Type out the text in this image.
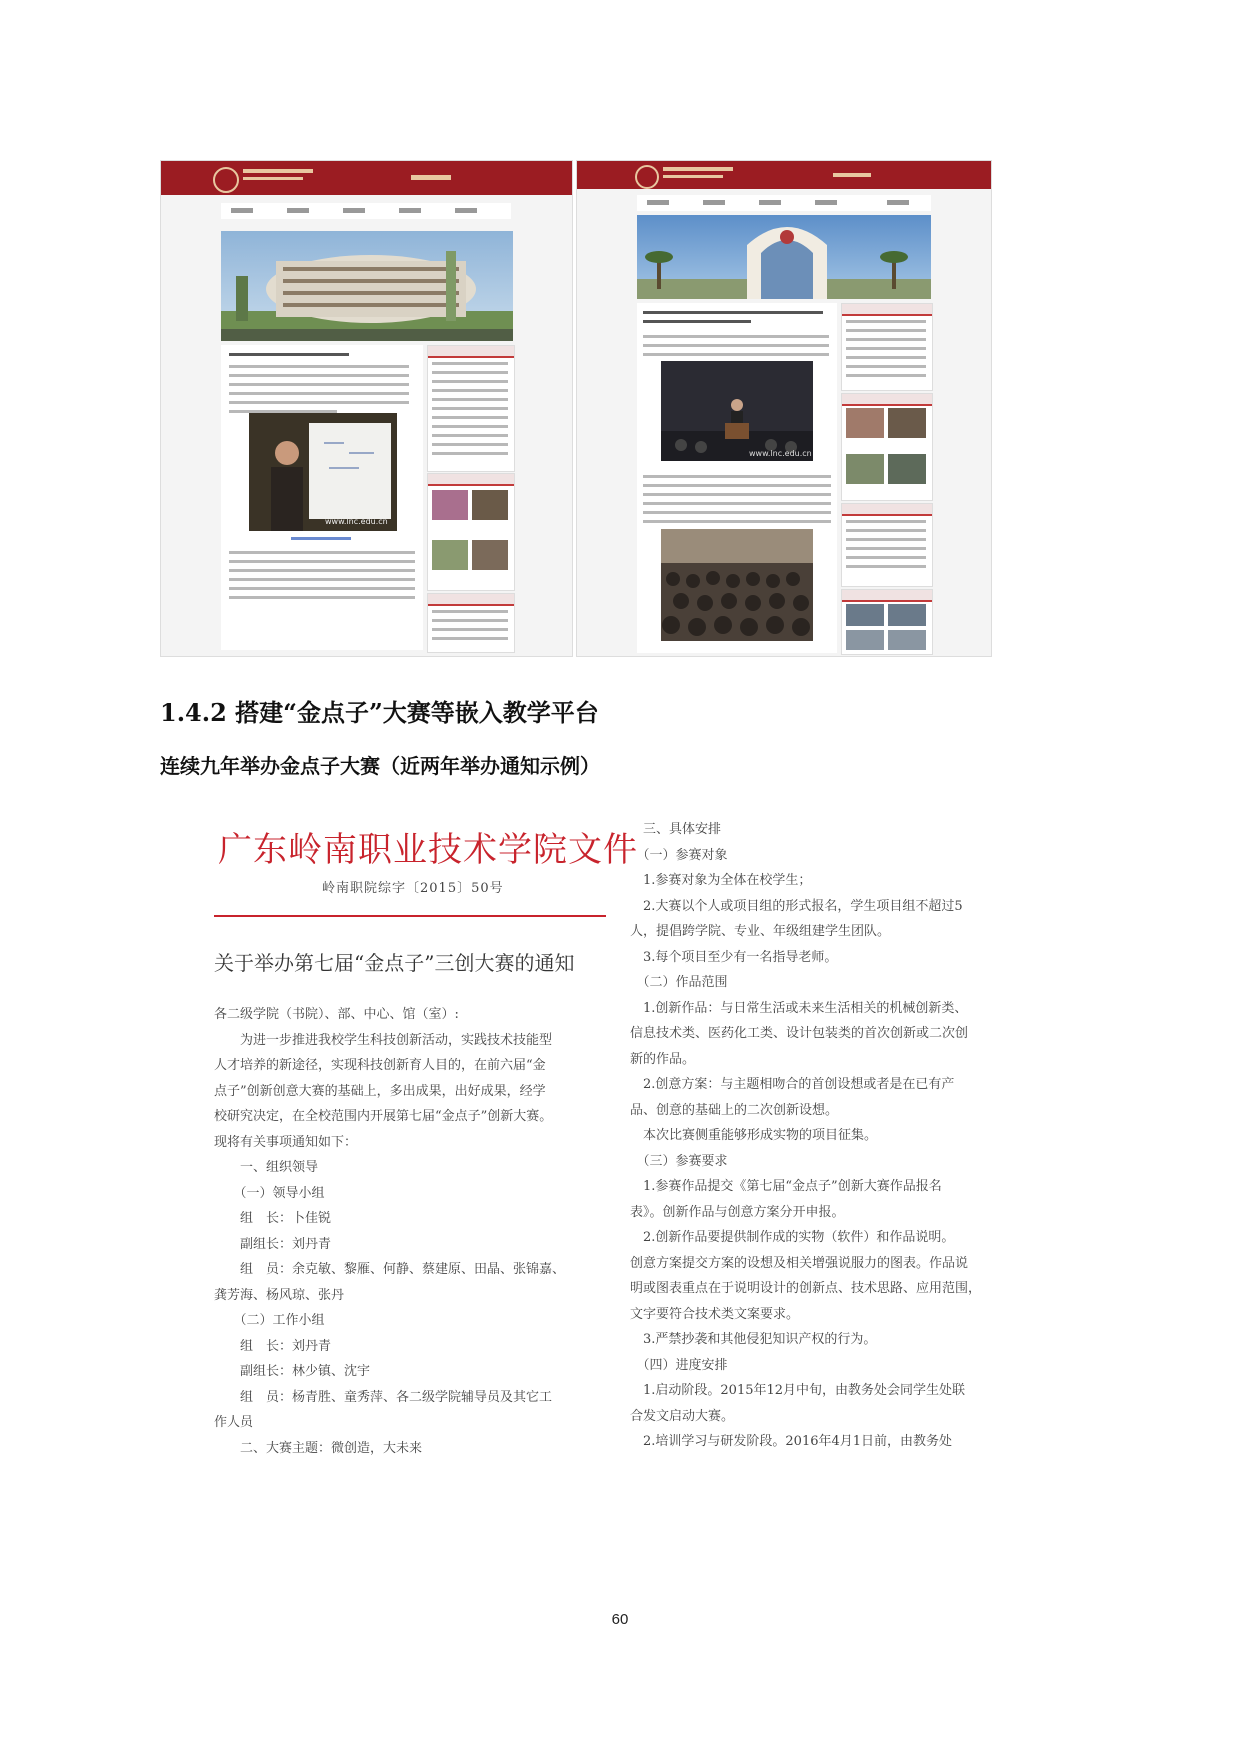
www.lnc.edu.cn
www.lnc.edu.cn
1.4.2 搭建“金点子”大赛等嵌入教学平台
连续九年举办金点子大赛（近两年举办通知示例）
广东岭南职业技术学院文件
岭南职院综字〔2015〕50号
关于举办第七届“金点子”三创大赛的通知
各二级学院（书院）、部、中心、馆（室）:
　　为进一步推进我校学生科技创新活动，实践技术技能型
人才培养的新途径，实现科技创新育人目的，在前六届“金
点子”创新创意大赛的基础上，多出成果，出好成果，经学
校研究决定，在全校范围内开展第七届“金点子”创新大赛。
现将有关事项通知如下：
　　一、组织领导
　　（一）领导小组
　　组　长：卜佳锐
　　副组长：刘丹青
　　组　员：余克敏、黎雁、何静、蔡建原、田晶、张锦嘉、
龚芳海、杨风琼、张丹
　　（二）工作小组
　　组　长：刘丹青
　　副组长：林少镇、沈宇
　　组　员：杨青胜、童秀萍、各二级学院辅导员及其它工
作人员
　　二、大赛主题：微创造，大未来
　三、具体安排
　（一）参赛对象
　1.参赛对象为全体在校学生；
　2.大赛以个人或项目组的形式报名，学生项目组不超过5
人，提倡跨学院、专业、年级组建学生团队。
　3.每个项目至少有一名指导老师。
　（二）作品范围
　1.创新作品：与日常生活或未来生活相关的机械创新类、
信息技术类、医药化工类、设计包装类的首次创新或二次创
新的作品。
　2.创意方案：与主题相吻合的首创设想或者是在已有产
品、创意的基础上的二次创新设想。
　本次比赛侧重能够形成实物的项目征集。
　（三）参赛要求
　1.参赛作品提交《第七届“金点子”创新大赛作品报名
表》。创新作品与创意方案分开申报。
　2.创新作品要提供制作成的实物（软件）和作品说明。
创意方案提交方案的设想及相关增强说服力的图表。作品说
明或图表重点在于说明设计的创新点、技术思路、应用范围，
文字要符合技术类文案要求。
　3.严禁抄袭和其他侵犯知识产权的行为。
　（四）进度安排
　1.启动阶段。2015年12月中旬，由教务处会同学生处联
合发文启动大赛。
　2.培训学习与研发阶段。2016年4月1日前，由教务处
60
